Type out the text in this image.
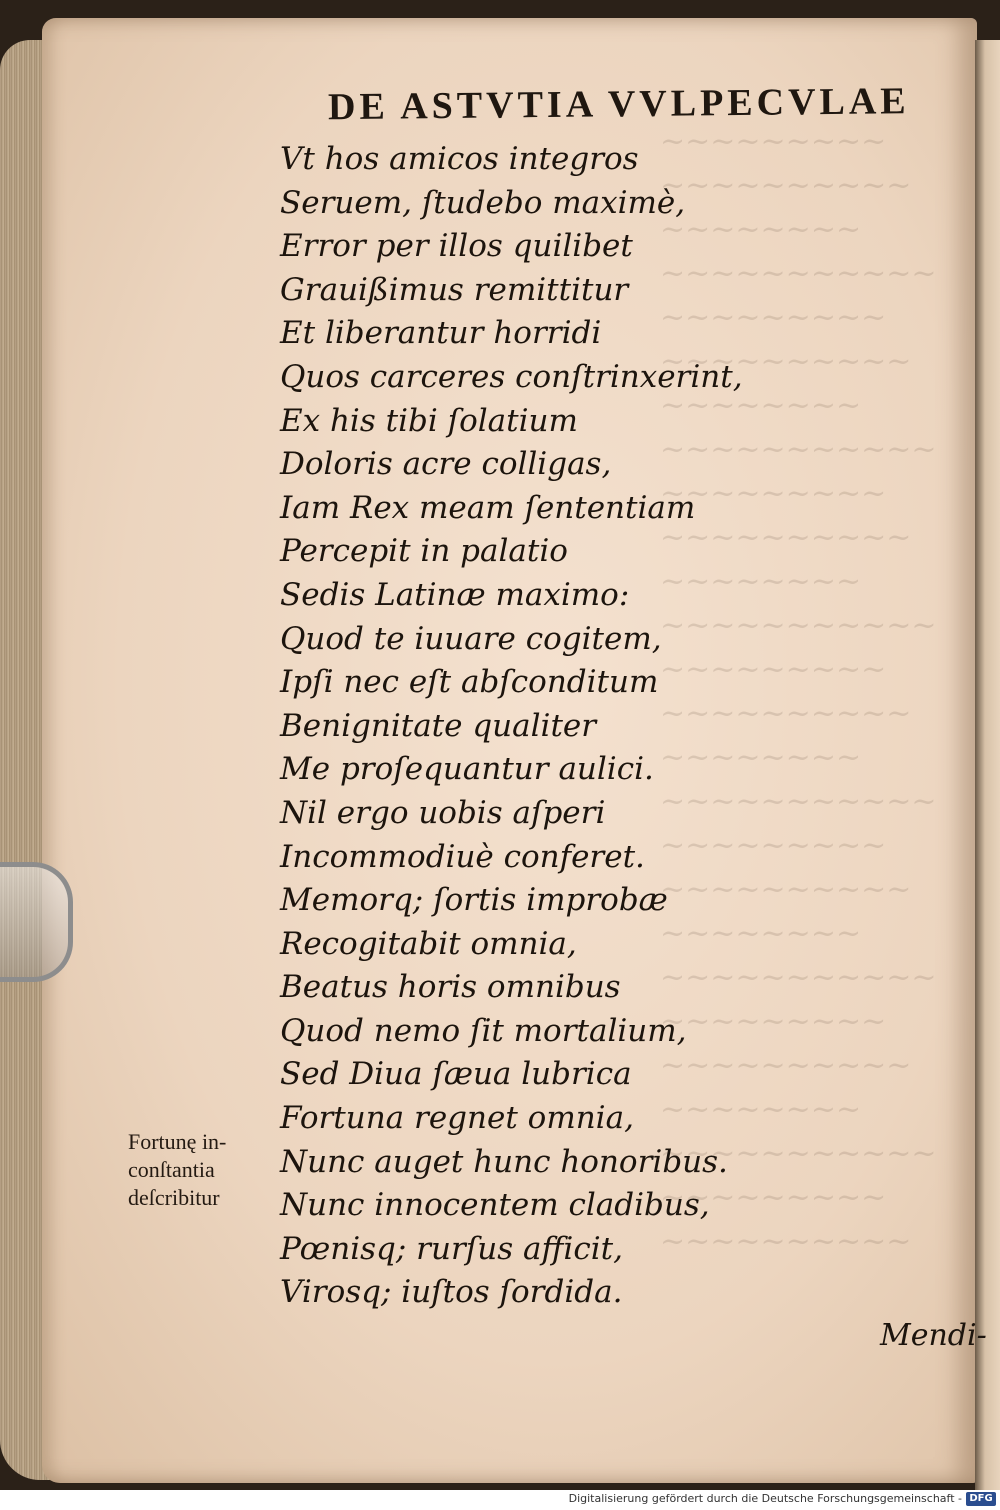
~~~~~~~~~
~~~~~~~~~~
~~~~~~~~
~~~~~~~~~~~
~~~~~~~~~
~~~~~~~~~~
~~~~~~~~
~~~~~~~~~~~
~~~~~~~~~
~~~~~~~~~~
~~~~~~~~
~~~~~~~~~~~
~~~~~~~~~
~~~~~~~~~~
~~~~~~~~
~~~~~~~~~~~
~~~~~~~~~
~~~~~~~~~~
~~~~~~~~
~~~~~~~~~~~
~~~~~~~~~
~~~~~~~~~~
~~~~~~~~
~~~~~~~~~~~
~~~~~~~~~
~~~~~~~~~~
DE ASTVTIA VVLPECVLAE
Vt hos amicos integros
Seruem, ſtudebo maximè,
Error per illos quilibet
Grauißimus remittitur
Et liberantur horridi
Quos carceres conſtrinxerint,
Ex his tibi ſolatium
Doloris acre colligas,
Iam Rex meam ſententiam
Percepit in palatio
Sedis Latinæ maximo:
Quod te iuuare cogitem,
Ipſi nec eſt abſconditum
Benignitate qualiter
Me proſequantur aulici.
Nil ergo uobis aſperi
Incommodiuè conferet.
Memorq; ſortis improbæ
Recogitabit omnia,
Beatus horis omnibus
Quod nemo ſit mortalium,
Sed Diua ſæua lubrica
Fortuna regnet omnia,
Nunc auget hunc honoribus.
Nunc innocentem cladibus,
Pœnisq; rurſus afficit,
Virosq; iuſtos ſordida.
Fortunę in-
conſtantia
deſcribitur
Mendi-
Digitalisierung gefördert durch die Deutsche Forschungsgemeinschaft - DFG
